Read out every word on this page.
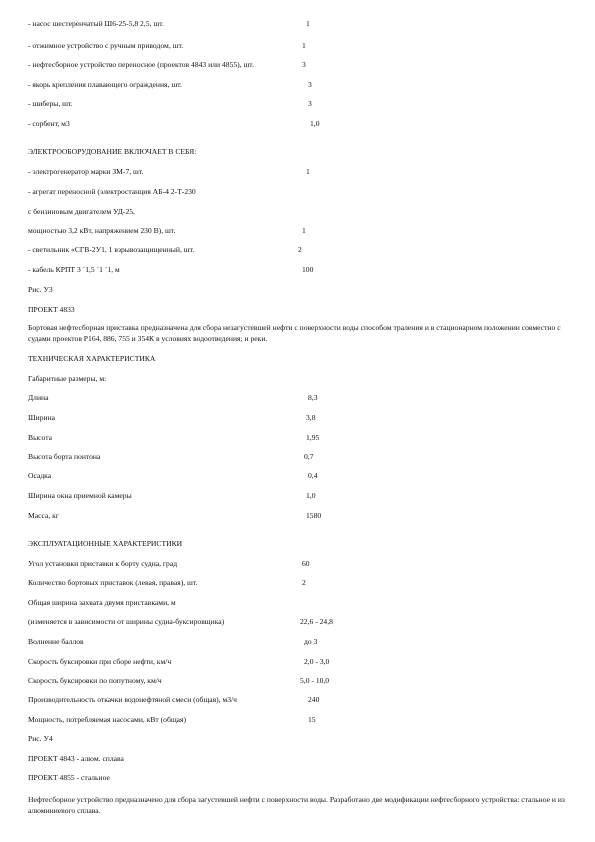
- насос шестеренчатый Ш6-25-5,8 2,5, шт.	1
- отжимное устройство с ручным приводом, шт.	1
- нефтесборное устройство переносное (проектов 4843 или 4855), шт.	3
- якорь крепления плавающего ограждения, шт.	3
- шиберы, шт.	3
- сорбент, м3	1,0
ЭЛЕКТРООБОРУДОВАНИЕ ВКЛЮЧАЕТ В СЕБЯ:
- электрогенератор марки ЗМ-7, шт.	1
- агрегат переносной (электростанция АБ-4 2-Т-230
с бензиновым двигателем УД-25,
мощностью 3,2 кВт, напряжением 230 В), шт.	1
- светильник «СГВ-2У1, 1 взрывозащищенный, шт.	2
- кабель КРПТ 3 ´1,5 ´1 ´1, м	100
Рис. У3
ПРОЕКТ 4833
Бортовая нефтесборная приставка предназначена для сбора незагустевшей нефти с поверхности воды способом траления и в стационарном положении совместно с судами проектов Р164, 886, 755 и 354К в условиях водоотведения; и реки.
ТЕХНИЧЕСКАЯ ХАРАКТЕРИСТИКА
Габаритные размеры, м:
Длина	8,3
Ширина	3,8
Высота	1,95
Высота борта понтона	0,7
Осадка	0,4
Ширина окна приемной камеры	1,0
Масса, кг	1580
ЭКСПЛУАТАЦИОННЫЕ ХАРАКТЕРИСТИКИ
Угол установки приставки к борту судна, град	60
Количество бортовых приставок (левая, правая), шт.	2
Общая ширина захвата двумя приставками, м
(изменяется в зависимости от ширины судна-буксировщика)	22,6 - 24,8
Волнение баллов	до 3
Скорость буксировки при сборе нефти, км/ч	2,0 - 3,0
Скорость буксировки по попутному, км/ч	5,0 - 10,0
Производительность откачки водонефтяной смеси (общая), м3/ч	240
Мощность, потребляемая насосами, кВт (общая)	15
Рис. У4
ПРОЕКТ 4843 - алюм. сплава
ПРОЕКТ 4855 - стальное
Нефтесборное устройство предназначено для сбора загустевшей нефти с поверхности воды. Разработано две модификации нефтесборного устройства: стальное и из алюминиевого сплава.
